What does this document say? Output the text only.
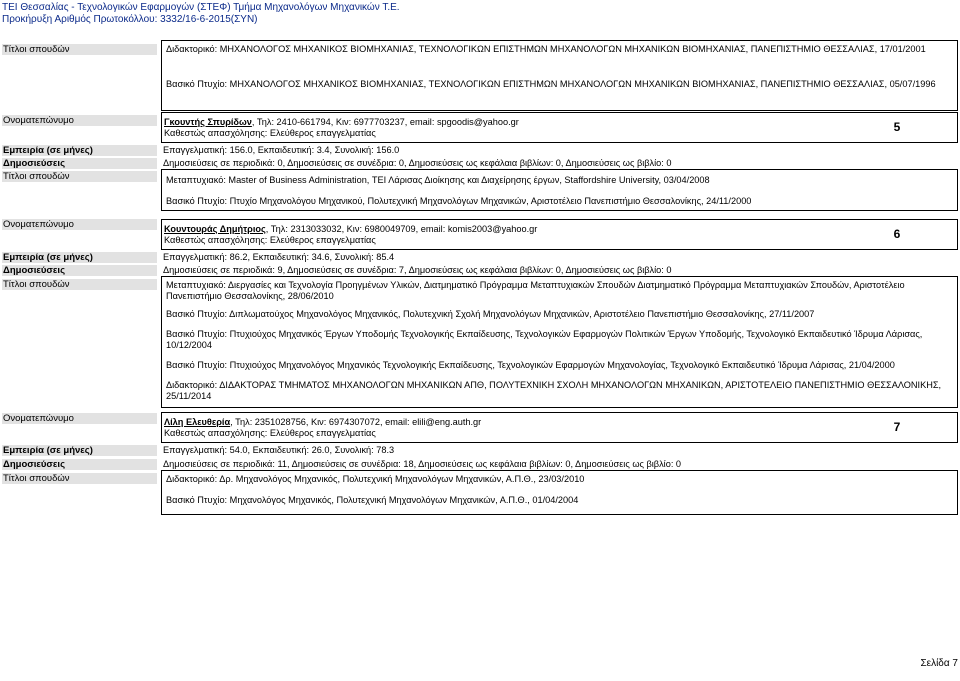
ΤΕΙ Θεσσαλίας - Τεχνολογικών Εφαρμογών (ΣΤΕΦ) Τμήμα Μηχανολόγων Μηχανικών Τ.Ε.
Προκήρυξη Αριθμός Πρωτοκόλλου: 3332/16-6-2015(ΣΥΝ)
Τίτλοι σπουδών	Διδακτορικό: ΜΗΧΑΝΟΛΟΓΟΣ ΜΗΧΑΝΙΚΟΣ ΒΙΟΜΗΧΑΝΙΑΣ, ΤΕΧΝΟΛΟΓΙΚΩΝ ΕΠΙΣΤΗΜΩΝ ΜΗΧΑΝΟΛΟΓΩΝ ΜΗΧΑΝΙΚΩΝ ΒΙΟΜΗΧΑΝΙΑΣ, ΠΑΝΕΠΙΣΤΗΜΙΟ ΘΕΣΣΑΛΙΑΣ, 17/01/2001
Βασικό Πτυχίο: ΜΗΧΑΝΟΛΟΓΟΣ ΜΗΧΑΝΙΚΟΣ ΒΙΟΜΗΧΑΝΙΑΣ, ΤΕΧΝΟΛΟΓΙΚΩΝ ΕΠΙΣΤΗΜΩΝ ΜΗΧΑΝΟΛΟΓΩΝ ΜΗΧΑΝΙΚΩΝ ΒΙΟΜΗΧΑΝΙΑΣ, ΠΑΝΕΠΙΣΤΗΜΙΟ ΘΕΣΣΑΛΙΑΣ, 05/07/1996
Ονοματεπώνυμο	Γκουντής Σπυρίδων, Τηλ: 2410-661794, Κιν: 6977703237, email: spgoodis@yahoo.gr
Καθεστώς απασχόλησης: Ελεύθερος επαγγελματίας	5
Εμπειρία (σε μήνες)	Επαγγελματική: 156.0, Εκπαιδευτική: 3.4, Συνολική: 156.0
Δημοσιεύσεις	Δημοσιεύσεις σε περιοδικά: 0, Δημοσιεύσεις σε συνέδρια: 0, Δημοσιεύσεις ως κεφάλαια βιβλίων: 0, Δημοσιεύσεις ως βιβλίο: 0
Τίτλοι σπουδών	Μεταπτυχιακό: Master of Business Administration, ΤΕΙ Λάρισας Διοίκησης και Διαχείρησης έργων, Staffordshire University, 03/04/2008
Βασικό Πτυχίο: Πτυχίο Μηχανολόγου Μηχανικού, Πολυτεχνική Μηχανολόγων Μηχανικών, Αριστοτέλειο Πανεπιστήμιο Θεσσαλονίκης, 24/11/2000
Ονοματεπώνυμο	Κουντουράς Δημήτριος, Τηλ: 2313033032, Κιν: 6980049709, email: komis2003@yahoo.gr
Καθεστώς απασχόλησης: Ελεύθερος επαγγελματίας	6
Εμπειρία (σε μήνες)	Επαγγελματική: 86.2, Εκπαιδευτική: 34.6, Συνολική: 85.4
Δημοσιεύσεις	Δημοσιεύσεις σε περιοδικά: 9, Δημοσιεύσεις σε συνέδρια: 7, Δημοσιεύσεις ως κεφάλαια βιβλίων: 0, Δημοσιεύσεις ως βιβλίο: 0
Τίτλοι σπουδών	Μεταπτυχιακό: Διεργασίες και Τεχνολογία Προηγμένων Υλικών, Διατμηματικό Πρόγραμμα Μεταπτυχιακών Σπουδών Διατμηματικό Πρόγραμμα Μεταπτυχιακών Σπουδών, Αριστοτέλειο Πανεπιστήμιο Θεσσαλονίκης, 28/06/2010
Βασικό Πτυχίο: Διπλωματούχος Μηχανολόγος Μηχανικός, Πολυτεχνική Σχολή Μηχανολόγων Μηχανικών, Αριστοτέλειο Πανεπιστήμιο Θεσσαλονίκης, 27/11/2007
Βασικό Πτυχίο: Πτυχιούχος Μηχανικός Έργων Υποδομής Τεχνολογικής Εκπαίδευσης, Τεχνολογικών Εφαρμογών Πολιτικών Έργων Υποδομής, Τεχνολογικό Εκπαιδευτικό Ίδρυμα Λάρισας, 10/12/2004
Βασικό Πτυχίο: Πτυχιούχος Μηχανολόγος Μηχανικός Τεχνολογικής Εκπαίδευσης, Τεχνολογικών Εφαρμογών Μηχανολογίας, Τεχνολογικό Εκπαιδευτικό Ίδρυμα Λάρισας, 21/04/2000
Διδακτορικό: ΔΙΔΑΚΤΟΡΑΣ ΤΜΗΜΑΤΟΣ ΜΗΧΑΝΟΛΟΓΩΝ ΜΗΧΑΝΙΚΩΝ ΑΠΘ, ΠΟΛΥΤΕΧΝΙΚΗ ΣΧΟΛΗ ΜΗΧΑΝΟΛΟΓΩΝ ΜΗΧΑΝΙΚΩΝ, ΑΡΙΣΤΟΤΕΛΕΙΟ ΠΑΝΕΠΙΣΤΗΜΙΟ ΘΕΣΣΑΛΟΝΙΚΗΣ, 25/11/2014
Ονοματεπώνυμο	Λίλη Ελευθερία, Τηλ: 2351028756, Κιν: 6974307072, email: elili@eng.auth.gr
Καθεστώς απασχόλησης: Ελεύθερος επαγγελματίας	7
Εμπειρία (σε μήνες)	Επαγγελματική: 54.0, Εκπαιδευτική: 26.0, Συνολική: 78.3
Δημοσιεύσεις	Δημοσιεύσεις σε περιοδικά: 11, Δημοσιεύσεις σε συνέδρια: 18, Δημοσιεύσεις ως κεφάλαια βιβλίων: 0, Δημοσιεύσεις ως βιβλίο: 0
Τίτλοι σπουδών	Διδακτορικό: Δρ. Μηχανολόγος Μηχανικός, Πολυτεχνική Μηχανολόγων Μηχανικών, Α.Π.Θ., 23/03/2010
Βασικό Πτυχίο: Μηχανολόγος Μηχανικός, Πολυτεχνική Μηχανολόγων Μηχανικών, Α.Π.Θ., 01/04/2004
Σελίδα 7
